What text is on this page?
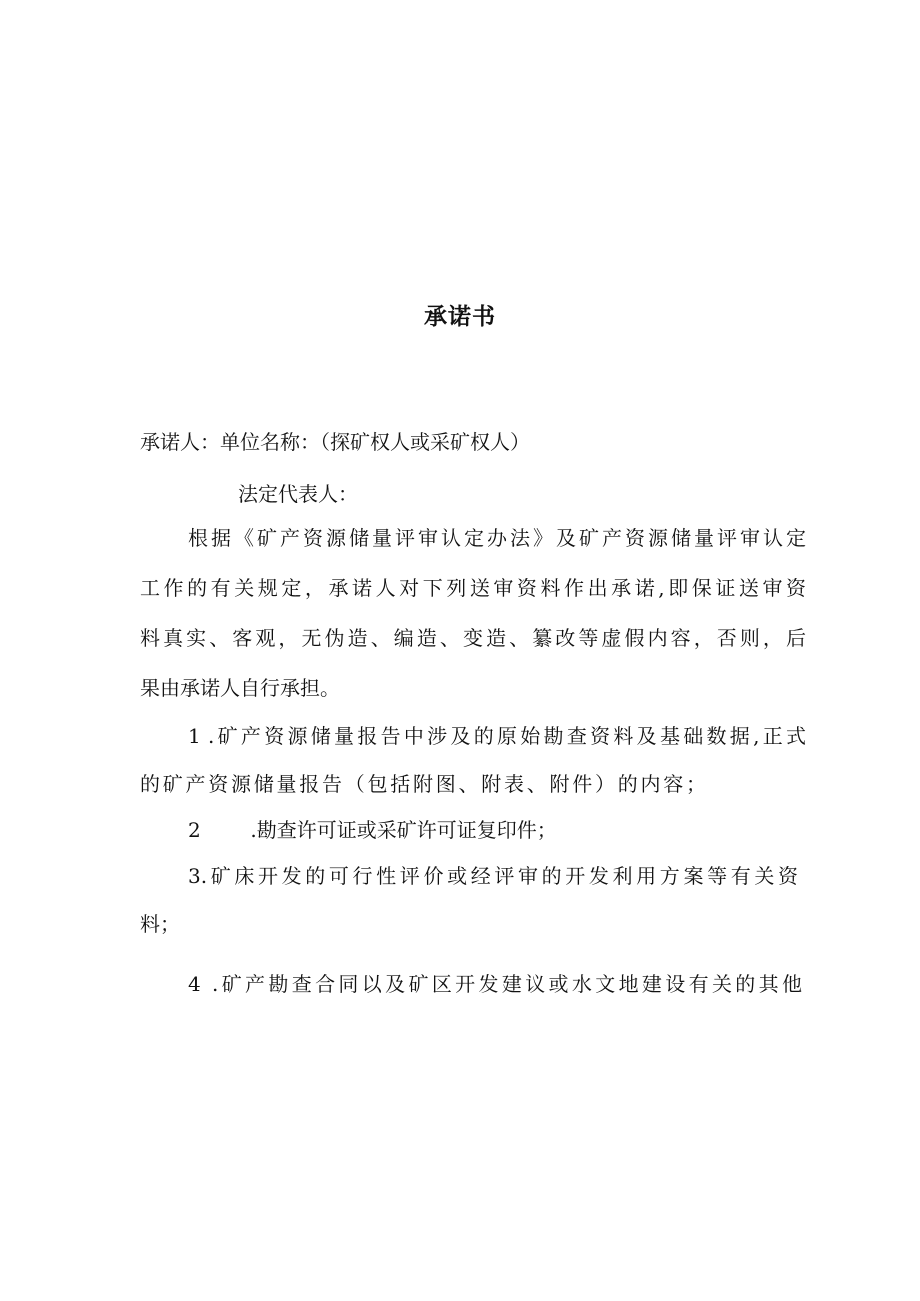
承诺书
承诺人：单位名称：（探矿权人或采矿权人）
法定代表人：
根据《矿产资源储量评审认定办法》及矿产资源储量评审认定
工作的有关规定，承诺人对下列送审资料作出承诺,即保证送审资
料真实、客观，无伪造、编造、变造、纂改等虚假内容，否则，后
果由承诺人自行承担。
1 .矿产资源储量报告中涉及的原始勘查资料及基础数据,正式
的矿产资源储量报告（包括附图、附表、附件）的内容；
2 .勘查许可证或采矿许可证复印件；
3.矿床开发的可行性评价或经评审的开发利用方案等有关资
料；
4 .矿产勘查合同以及矿区开发建议或水文地建设有关的其他
